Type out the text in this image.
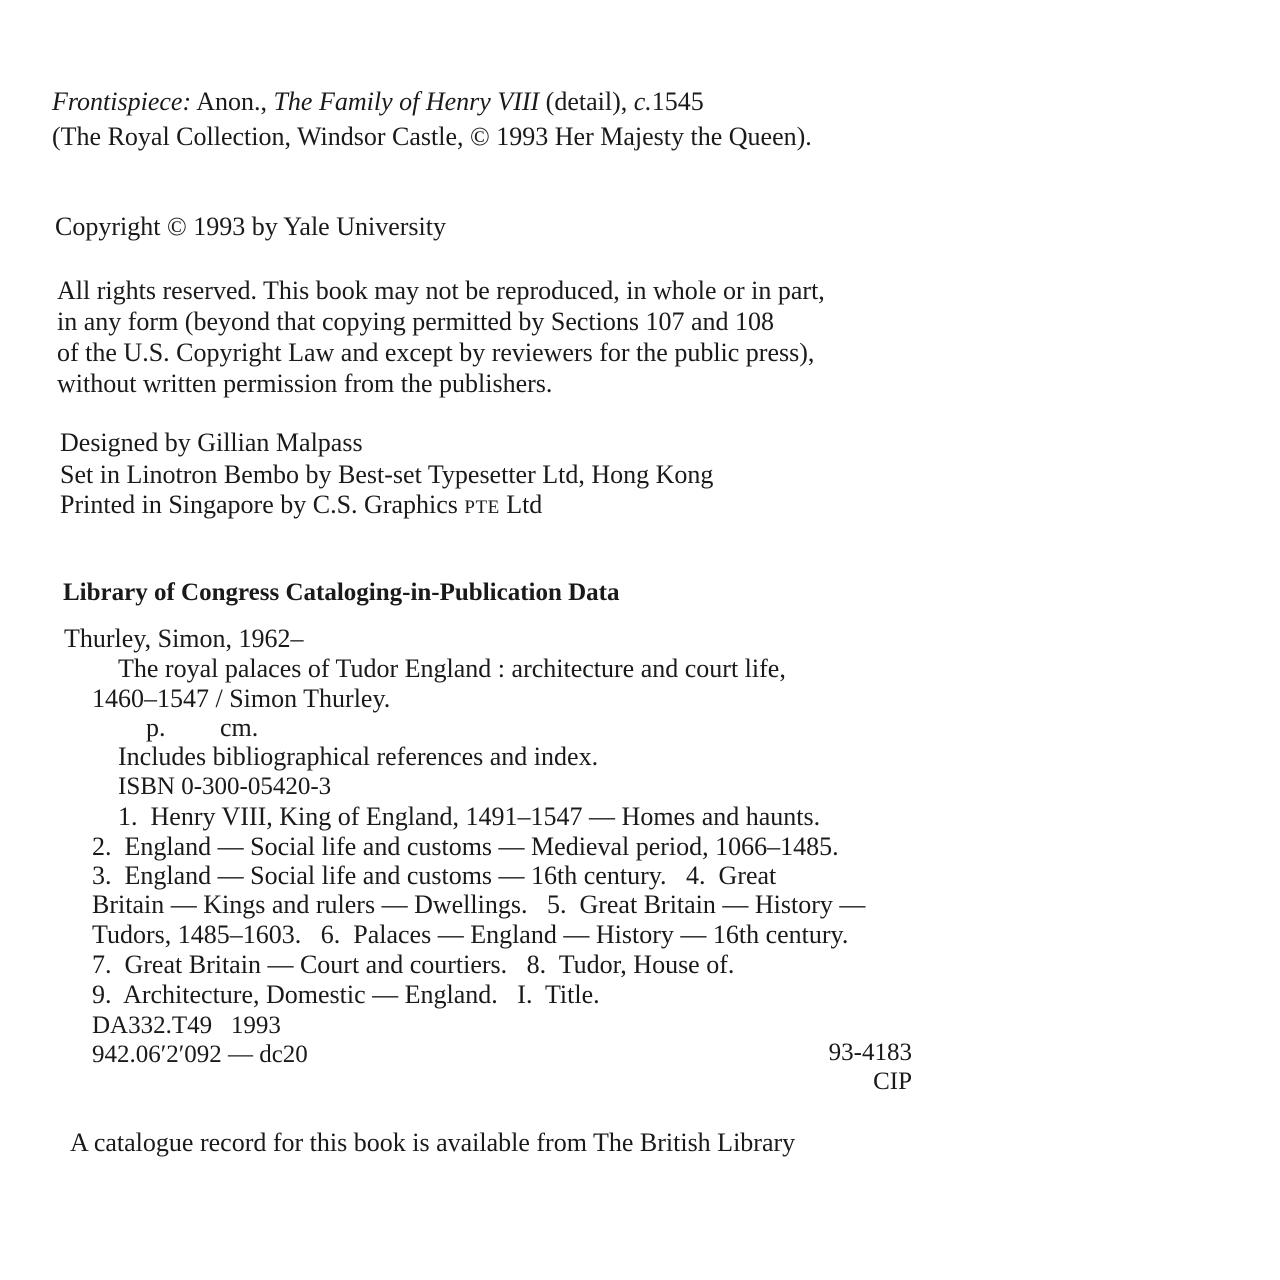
Frontispiece: Anon., The Family of Henry VIII (detail), c.1545

(The Royal Collection, Windsor Castle, © 1993 Her Majesty the Queen).

Copyright © 1993 by Yale University

All rights reserved. This book may not be reproduced, in whole or in part,

in any form (beyond that copying permitted by Sections 107 and 108

of the U.S. Copyright Law and except by reviewers for the public press),

without written permission from the publishers.

Designed by Gillian Malpass

Set in Linotron Bembo by Best-set Typesetter Ltd, Hong Kong

Printed in Singapore by C.S. Graphics PTE Ltd

Library of Congress Cataloging-in-Publication Data

Thurley, Simon, 1962–

The royal palaces of Tudor England : architecture and court life,

1460–1547 / Simon Thurley.

p. cm.

Includes bibliographical references and index.

ISBN 0-300-05420-3

1.  Henry VIII, King of England, 1491–1547 — Homes and haunts.

2.  England — Social life and customs — Medieval period, 1066–1485.

3.  England — Social life and customs — 16th century.   4.  Great

Britain — Kings and rulers — Dwellings.   5.  Great Britain — History —

Tudors, 1485–1603.   6.  Palaces — England — History — 16th century.

7.  Great Britain — Court and courtiers.   8.  Tudor, House of.

9.  Architecture, Domestic — England.   I.  Title.

DA332.T49   1993

942.06′2′092 — dc20	93-4183

CIP

A catalogue record for this book is available from The British Library
